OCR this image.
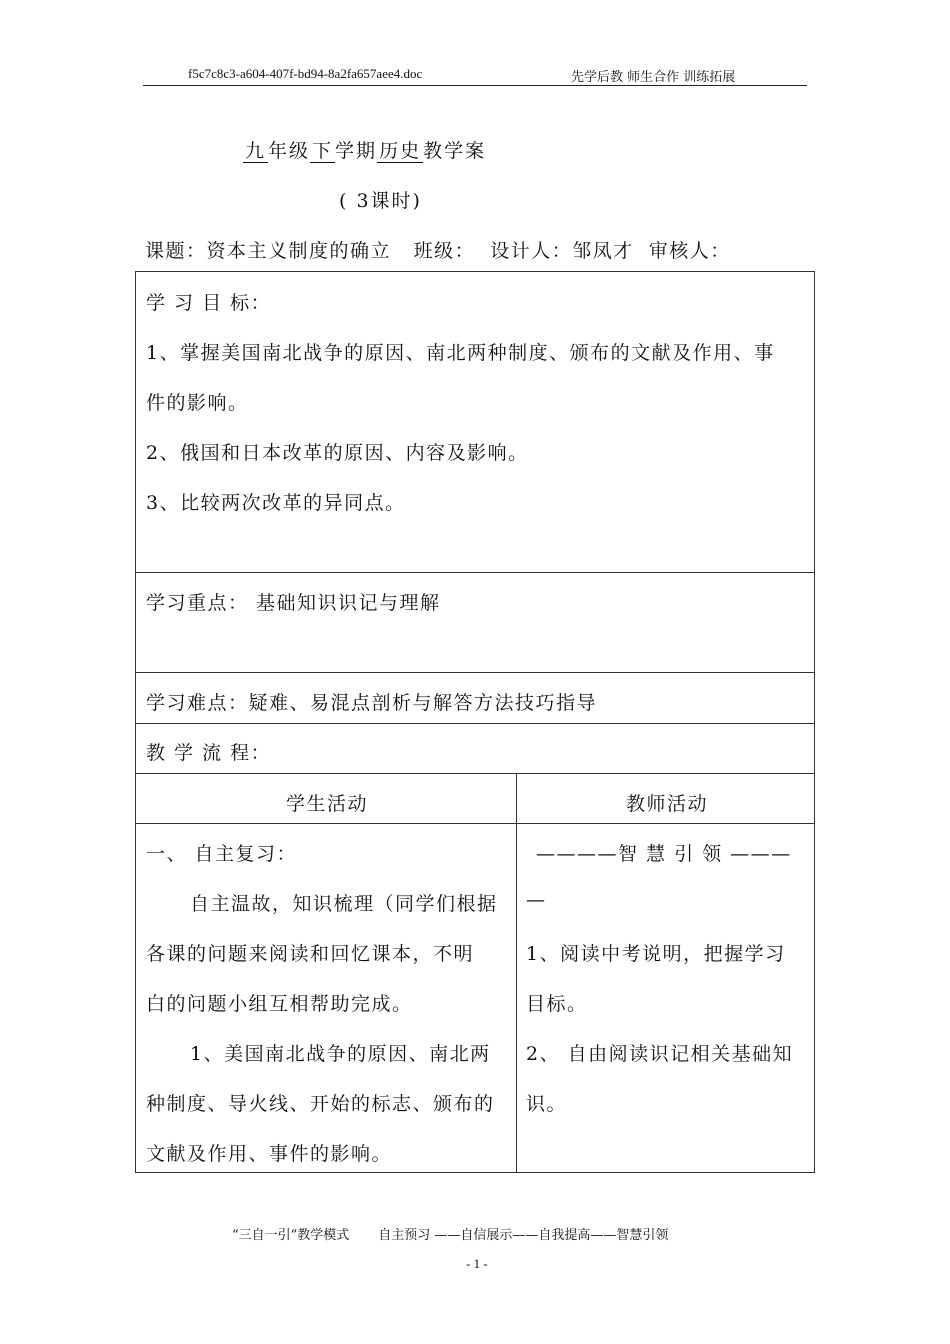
f5c7c8c3-a604-407f-bd94-8a2fa657aee4.doc	先学后教 师生合作 训练拓展
九 年级 下 学期 历史 教学案
( 3课时)
课题：资本主义制度的确立   班级：  设计人：邹凤才  审核人：
学 习 目 标：
1、掌握美国南北战争的原因、南北两种制度、颁布的文献及作用、事
件的影响。
2、俄国和日本改革的原因、内容及影响。
3、比较两次改革的异同点。
学习重点： 基础知识识记与理解
学习难点：疑难、易混点剖析与解答方法技巧指导
教 学 流 程：
学生活动	教师活动
一、 自主复习：
自主温故，知识梳理（同学们根据
各课的问题来阅读和回忆课本，不明
白的问题小组互相帮助完成。
1、美国南北战争的原因、南北两
种制度、导火线、开始的标志、颁布的
文献及作用、事件的影响。
————智 慧 引 领 ———
—
1、阅读中考说明，把握学习
目标。
2、 自由阅读识记相关基础知
识。
“三自一引”教学模式 自主预习 ——自信展示——自我提高——智慧引领
- 1 -
